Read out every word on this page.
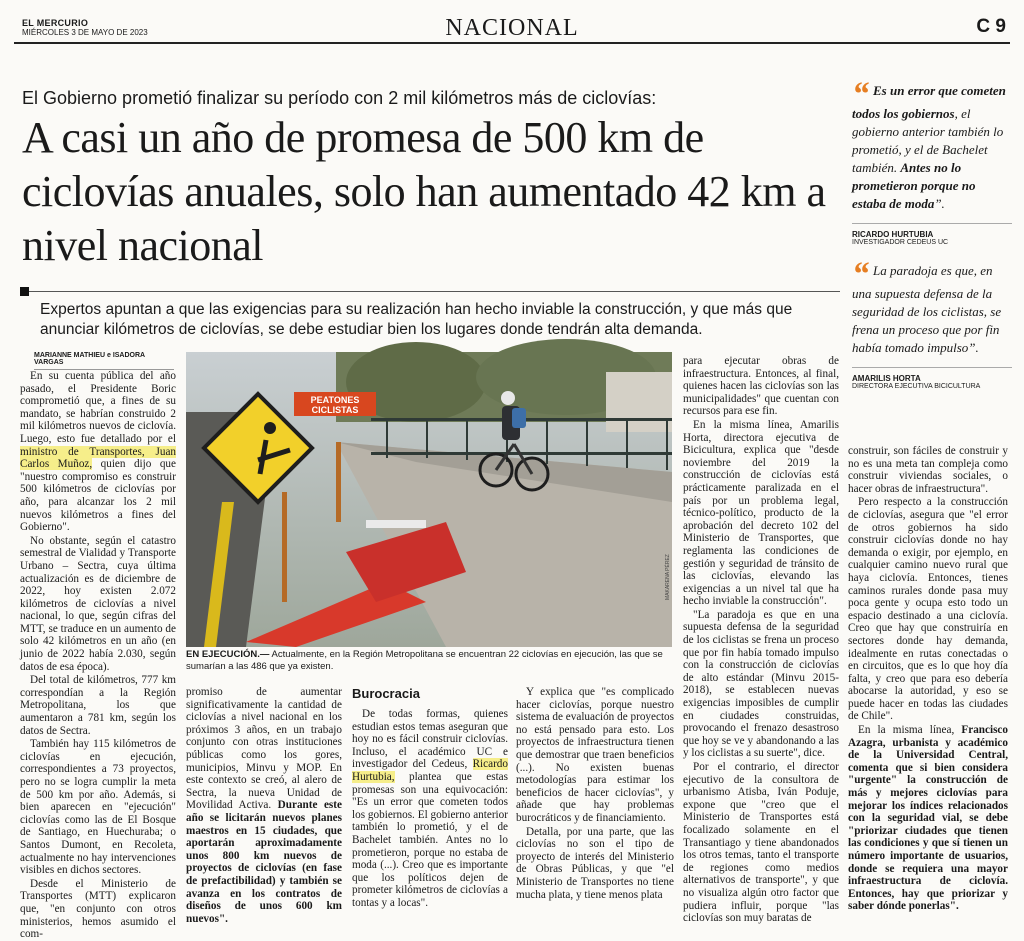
EL MERCURIO
MIÉRCOLES 3 DE MAYO DE 2023	NACIONAL	C 9
El Gobierno prometió finalizar su período con 2 mil kilómetros más de ciclovías:
A casi un año de promesa de 500 km de ciclovías anuales, solo han aumentado 42 km a nivel nacional
Expertos apuntan a que las exigencias para su realización han hecho inviable la construcción, y que más que anunciar kilómetros de ciclovías, se debe estudiar bien los lugares donde tendrán alta demanda.
“ Es un error que cometen todos los gobiernos, el gobierno anterior también lo prometió, y el de Bachelet también. Antes no lo prometieron porque no estaba de moda”.
RICARDO HURTUBIA
INVESTIGADOR CEDEUS UC
“ La paradoja es que, en una supuesta defensa de la seguridad de los ciclistas, se frena un proceso que por fin había tomado impulso”.
AMARILIS HORTA
DIRECTORA EJECUTIVA BICICULTURA
MARIANNE MATHIEU e ISADORA VARGAS

En su cuenta pública del año pasado, el Presidente Boric comprometió que, a fines de su mandato, se habrían construido 2 mil kilómetros nuevos de ciclovía. Luego, esto fue detallado por el ministro de Transportes, Juan Carlos Muñoz, quien dijo que "nuestro compromiso es construir 500 kilómetros de ciclovías por año, para alcanzar los 2 mil nuevos kilómetros a fines del Gobierno".

No obstante, según el catastro semestral de Vialidad y Transporte Urbano – Sectra, cuya última actualización es de diciembre de 2022, hoy existen 2.072 kilómetros de ciclovías a nivel nacional, lo que, según cifras del MTT, se traduce en un aumento de solo 42 kilómetros en un año (en junio de 2022 había 2.030, según datos de esa época).

Del total de kilómetros, 777 km correspondían a la Región Metropolitana, los que aumentaron a 781 km, según los datos de Sectra.

También hay 115 kilómetros de ciclovías en ejecución, correspondientes a 73 proyectos, pero no se logra cumplir la meta de 500 km por año. Además, si bien aparecen en "ejecución" ciclovías como las de El Bosque de Santiago, en Huechuraba; o Santos Dumont, en Recoleta, actualmente no hay intervenciones visibles en dichos sectores.

Desde el Ministerio de Transportes (MTT) explicaron que, "en conjunto con otros ministerios, hemos asumido el com-

PEATONES
CICLISTAS
MAKARENA PÉREZ
EN EJECUCIÓN.— Actualmente, en la Región Metropolitana se encuentran 22 ciclovías en ejecución, las que se sumarían a las 486 que ya existen.

promiso de aumentar significativamente la cantidad de ciclovías a nivel nacional en los próximos 3 años, en un trabajo conjunto con otras instituciones públicas como los gores, municipios, Minvu y MOP. En este contexto se creó, al alero de Sectra, la nueva Unidad de Movilidad Activa. Durante este año se licitarán nuevos planes maestros en 15 ciudades, que aportarán aproximadamente unos 800 km nuevos de proyectos de ciclovías (en fase de prefactibilidad) y también se avanza en los contratos de diseños de unos 600 km nuevos".

Burocracia

De todas formas, quienes estudian estos temas aseguran que hoy no es fácil construir ciclovías. Incluso, el académico UC e investigador del Cedeus, Ricardo Hurtubia, plantea que estas promesas son una equivocación: "Es un error que cometen todos los gobiernos. El gobierno anterior también lo prometió, y el de Bachelet también. Antes no lo prometieron, porque no estaba de moda (...). Creo que es importante que los políticos dejen de prometer kilómetros de ciclovías a tontas y a locas".

Y explica que "es complicado hacer ciclovías, porque nuestro sistema de evaluación de proyectos no está pensado para esto. Los proyectos de infraestructura tienen que demostrar que traen beneficios (...). No existen buenas metodologías para estimar los beneficios de hacer ciclovías", y añade que hay problemas burocráticos y de financiamiento.

Detalla, por una parte, que las ciclovías no son el tipo de proyecto de interés del Ministerio de Obras Públicas, y que "el Ministerio de Transportes no tiene mucha plata, y tiene menos plata

para ejecutar obras de infraestructura. Entonces, al final, quienes hacen las ciclovías son las municipalidades" que cuentan con recursos para ese fin.

En la misma línea, Amarilis Horta, directora ejecutiva de Bicicultura, explica que "desde noviembre del 2019 la construcción de ciclovías está prácticamente paralizada en el país por un problema legal, técnico-político, producto de la aprobación del decreto 102 del Ministerio de Transportes, que reglamenta las condiciones de gestión y seguridad de tránsito de las ciclovías, elevando las exigencias a un nivel tal que ha hecho inviable la construcción".

"La paradoja es que en una supuesta defensa de la seguridad de los ciclistas se frena un proceso que por fin había tomado impulso con la construcción de ciclovías de alto estándar (Minvu 2015-2018), se establecen nuevas exigencias imposibles de cumplir en ciudades construidas, provocando el frenazo desastroso que hoy se ve y abandonando a las y los ciclistas a su suerte", dice.

Por el contrario, el director ejecutivo de la consultora de urbanismo Atisba, Iván Poduje, expone que "creo que el Ministerio de Transportes está focalizado solamente en el Transantiago y tiene abandonados los otros temas, tanto el transporte de regiones como medios alternativos de transporte", y que no visualiza algún otro factor que pudiera influir, porque "las ciclovías son muy baratas de

construir, son fáciles de construir y no es una meta tan compleja como construir viviendas sociales, o hacer obras de infraestructura".

Pero respecto a la construcción de ciclovías, asegura que "el error de otros gobiernos ha sido construir ciclovías donde no hay demanda o exigir, por ejemplo, en cualquier camino nuevo rural que haya ciclovía. Entonces, tienes caminos rurales donde pasa muy poca gente y ocupa esto todo un espacio destinado a una ciclovía. Creo que hay que construiría en sectores donde hay demanda, idealmente en rutas conectadas o en circuitos, que es lo que hoy día falta, y creo que para eso debería abocarse la autoridad, y eso se puede hacer en todas las ciudades de Chile".

En la misma línea, Francisco Azagra, urbanista y académico de la Universidad Central, comenta que si bien considera "urgente" la construcción de más y mejores ciclovías para mejorar los índices relacionados con la seguridad vial, se debe "priorizar ciudades que tienen las condiciones y que sí tienen un número importante de usuarios, donde se requiera una mayor infraestructura de ciclovía. Entonces, hay que priorizar y saber dónde ponerlas".
